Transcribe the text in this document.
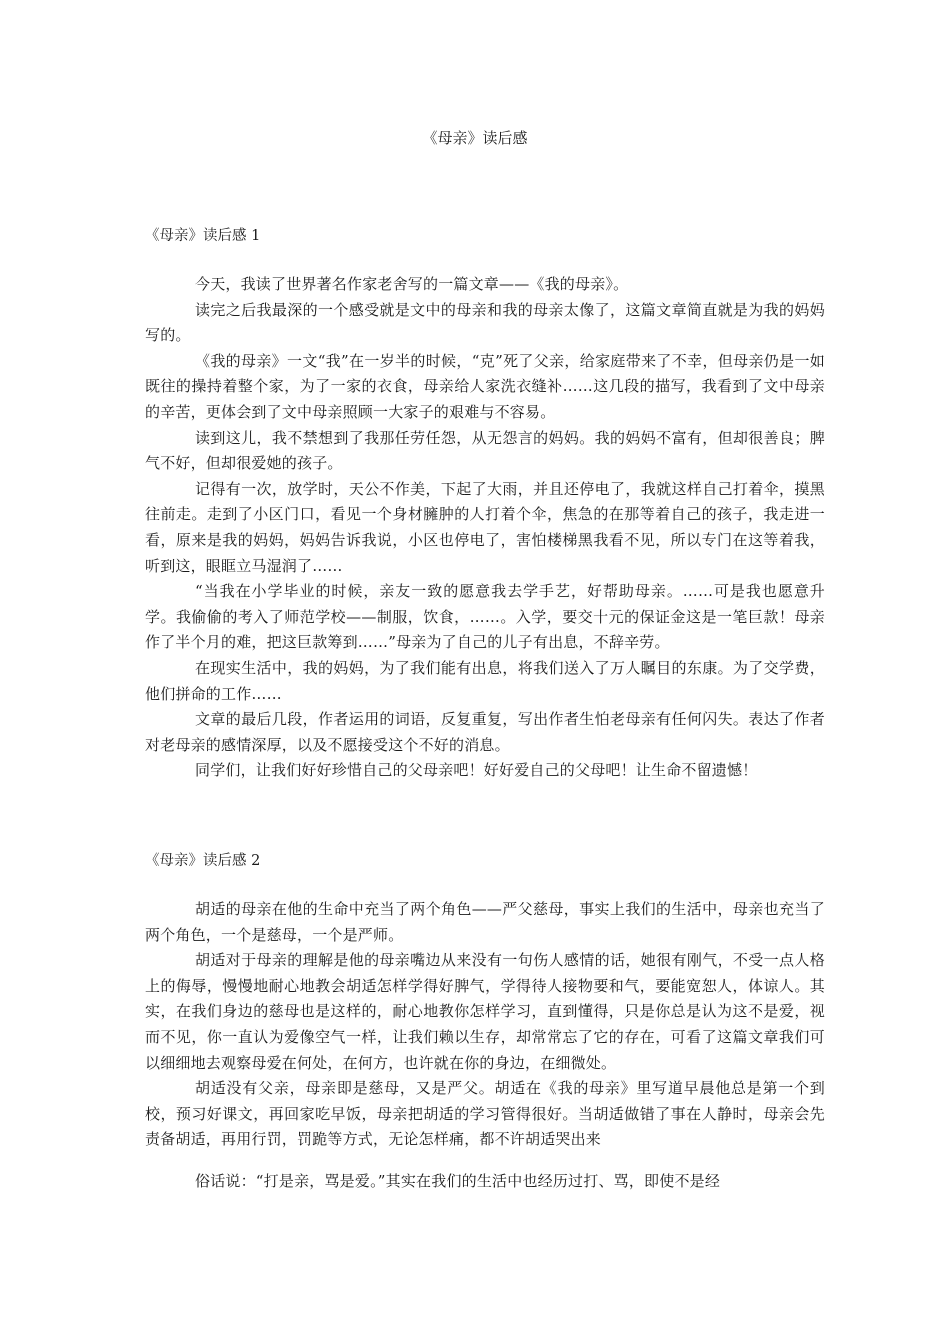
《母亲》读后感
《母亲》读后感 1

今天，我读了世界著名作家老舍写的一篇文章——《我的母亲》。

读完之后我最深的一个感受就是文中的母亲和我的母亲太像了，这篇文章简直就是为我的妈妈写的。

《我的母亲》一文“我”在一岁半的时候，“克”死了父亲，给家庭带来了不幸，但母亲仍是一如既往的操持着整个家，为了一家的衣食，母亲给人家洗衣缝补……这几段的描写，我看到了文中母亲的辛苦，更体会到了文中母亲照顾一大家子的艰难与不容易。

读到这儿，我不禁想到了我那任劳任怨，从无怨言的妈妈。我的妈妈不富有，但却很善良；脾气不好，但却很爱她的孩子。

记得有一次，放学时，天公不作美，下起了大雨，并且还停电了，我就这样自己打着伞，摸黑往前走。走到了小区门口，看见一个身材臃肿的人打着个伞，焦急的在那等着自己的孩子，我走进一看，原来是我的妈妈，妈妈告诉我说，小区也停电了，害怕楼梯黑我看不见，所以专门在这等着我，听到这，眼眶立马湿润了……

“当我在小学毕业的时候，亲友一致的愿意我去学手艺，好帮助母亲。……可是我也愿意升学。我偷偷的考入了师范学校——制服，饮食，……。入学，要交十元的保证金这是一笔巨款！母亲作了半个月的难，把这巨款筹到……”母亲为了自己的儿子有出息，不辞辛劳。

在现实生活中，我的妈妈，为了我们能有出息，将我们送入了万人瞩目的东康。为了交学费，他们拼命的工作……

文章的最后几段，作者运用的词语，反复重复，写出作者生怕老母亲有任何闪失。表达了作者对老母亲的感情深厚，以及不愿接受这个不好的消息。

同学们，让我们好好珍惜自己的父母亲吧！好好爱自己的父母吧！让生命不留遗憾！

《母亲》读后感 2

胡适的母亲在他的生命中充当了两个角色——严父慈母，事实上我们的生活中，母亲也充当了两个角色，一个是慈母，一个是严师。

胡适对于母亲的理解是他的母亲嘴边从来没有一句伤人感情的话，她很有刚气，不受一点人格上的侮辱，慢慢地耐心地教会胡适怎样学得好脾气，学得待人接物要和气，要能宽恕人，体谅人。其实，在我们身边的慈母也是这样的，耐心地教你怎样学习，直到懂得，只是你总是认为这不是爱，视而不见，你一直认为爱像空气一样，让我们赖以生存，却常常忘了它的存在，可看了这篇文章我们可以细细地去观察母爱在何处，在何方，也许就在你的身边，在细微处。

胡适没有父亲，母亲即是慈母，又是严父。胡适在《我的母亲》里写道早晨他总是第一个到校，预习好课文，再回家吃早饭，母亲把胡适的学习管得很好。当胡适做错了事在人静时，母亲会先责备胡适，再用行罚，罚跪等方式，无论怎样痛，都不许胡适哭出来

俗话说：“打是亲，骂是爱。”其实在我们的生活中也经历过打、骂，即使不是经
